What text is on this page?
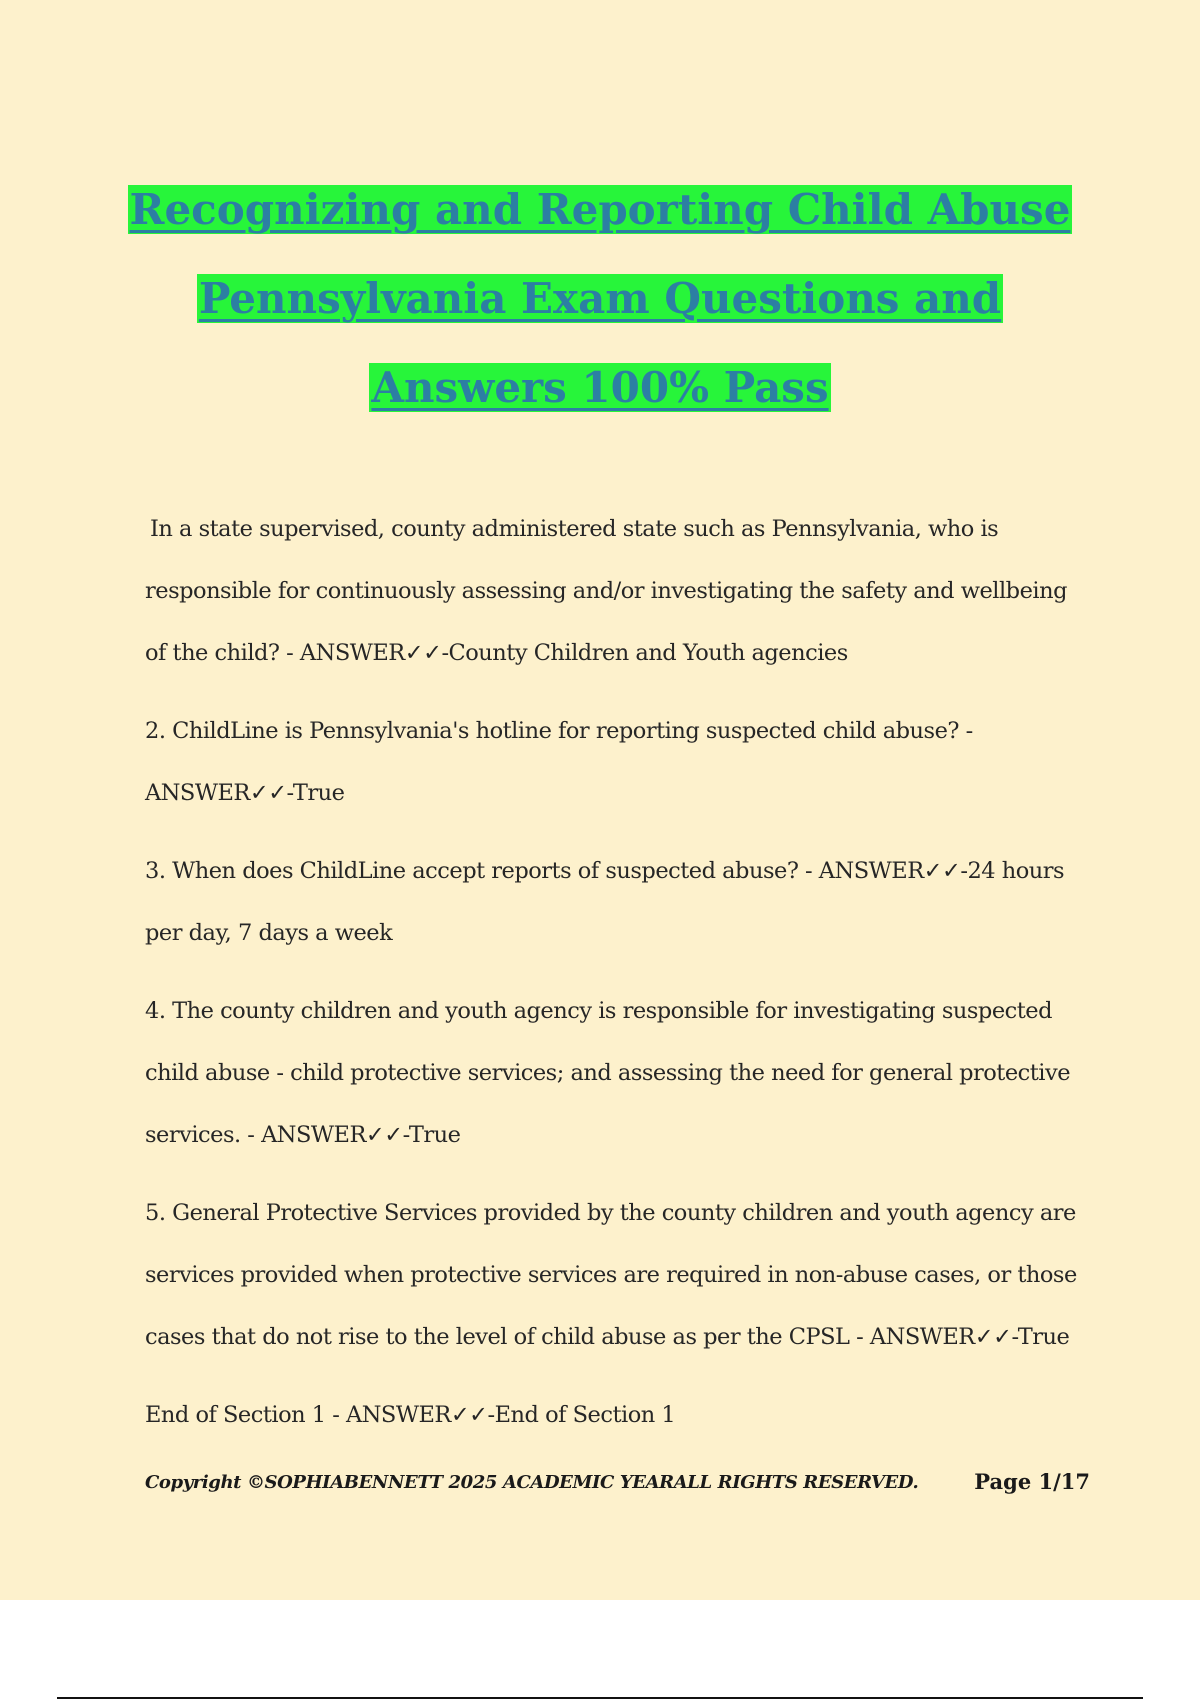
Recognizing and Reporting Child Abuse
Pennsylvania Exam Questions and
Answers 100% Pass

In a state supervised, county administered state such as Pennsylvania, who is responsible for continuously assessing and/or investigating the safety and wellbeing of the child? - ANSWER✓✓-County Children and Youth agencies

2. ChildLine is Pennsylvania's hotline for reporting suspected child abuse? - ANSWER✓✓-True

3. When does ChildLine accept reports of suspected abuse? - ANSWER✓✓-24 hours per day, 7 days a week

4. The county children and youth agency is responsible for investigating suspected child abuse - child protective services; and assessing the need for general protective services. - ANSWER✓✓-True

5. General Protective Services provided by the county children and youth agency are services provided when protective services are required in non-abuse cases, or those cases that do not rise to the level of child abuse as per the CPSL - ANSWER✓✓-True

End of Section 1 - ANSWER✓✓-End of Section 1

Copyright ©SOPHIABENNETT 2025 ACADEMIC YEARALL RIGHTS RESERVED.	Page 1/17
